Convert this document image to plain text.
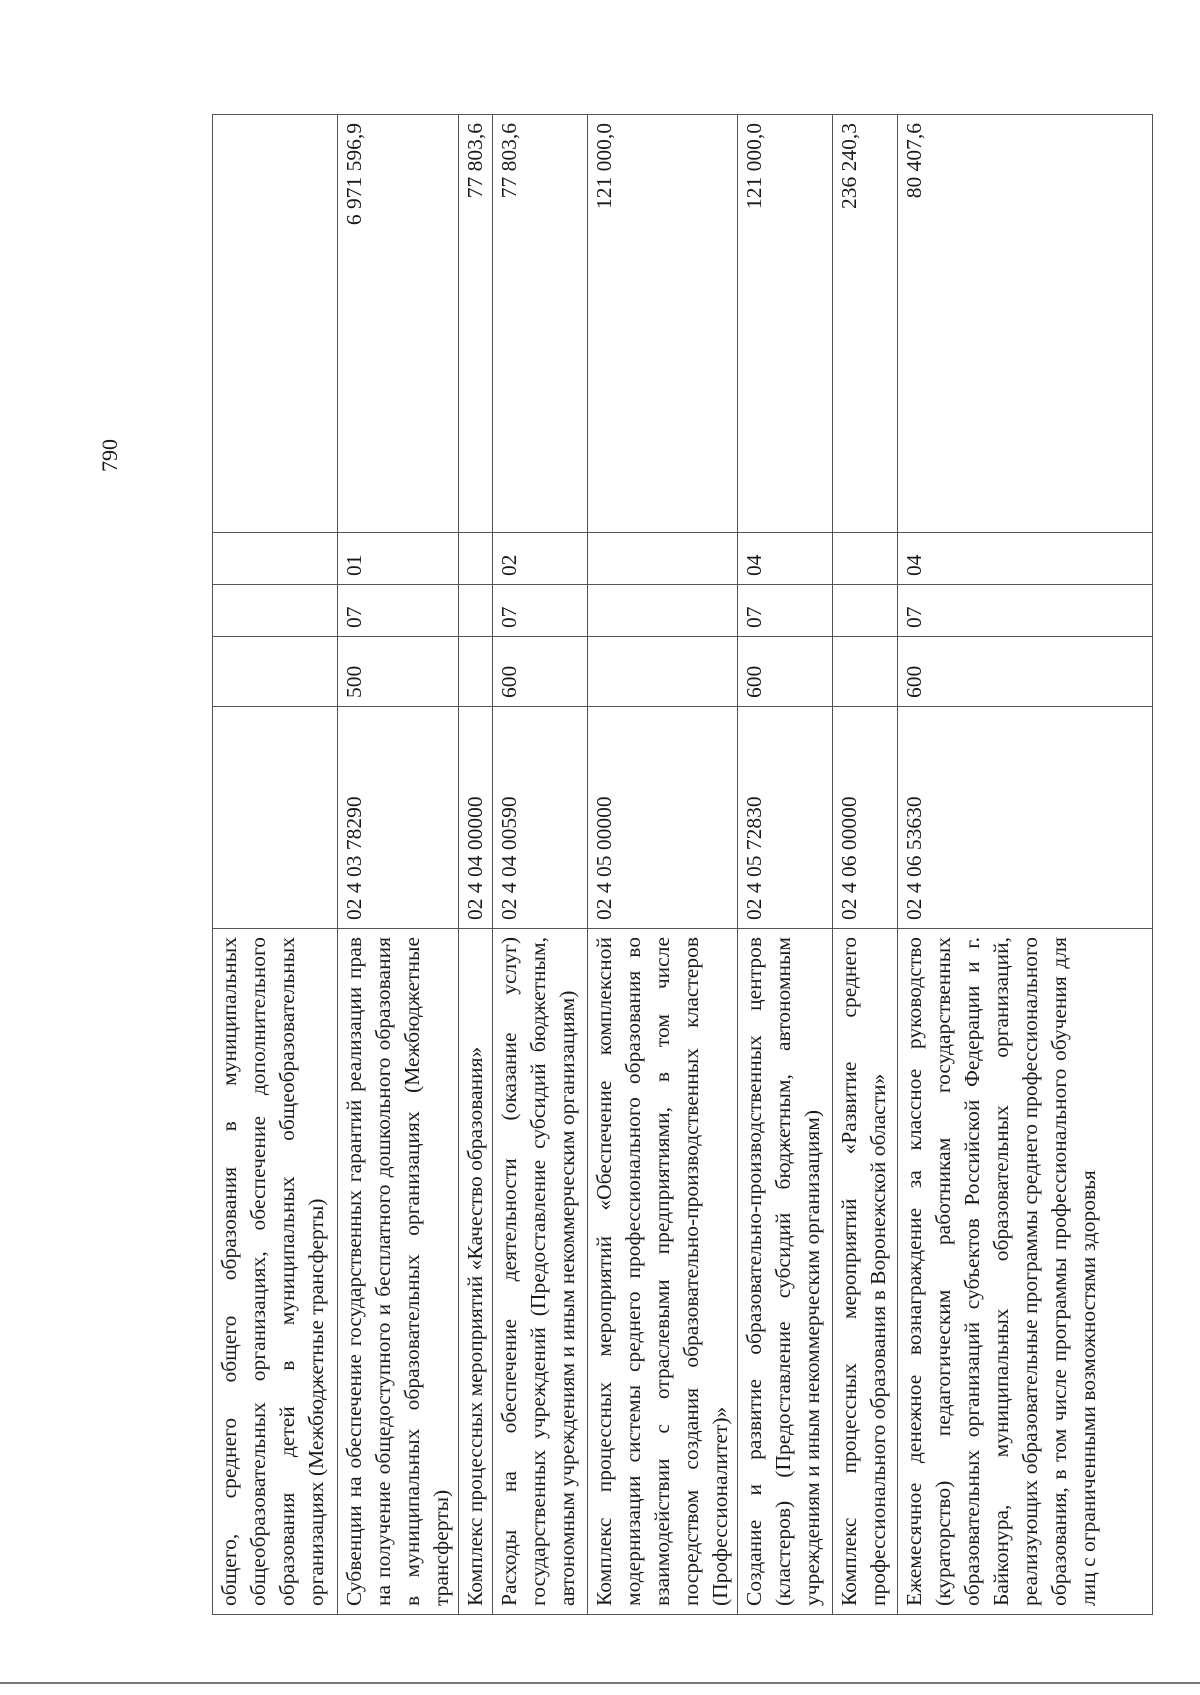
790
общего, среднего общего образования в муниципальных общеобразовательных организациях, обеспечение дополнительного образования детей в муниципальных общеобразовательных организациях (Межбюджетные трансферты)					
Субвенции на обеспечение государственных гарантий реализации прав на получение общедоступного и бесплатного дошкольного образования в муниципальных образовательных организациях (Межбюджетные трансферты)	02 4 03 78290	500	07	01	6 971 596,9
Комплекс процессных мероприятий «Качество образования»	02 4 04 00000				77 803,6
Расходы на обеспечение деятельности (оказание услуг) государственных учреждений (Предоставление субсидий бюджетным, автономным учреждениям и иным некоммерческим организациям)	02 4 04 00590	600	07	02	77 803,6
Комплекс процессных мероприятий «Обеспечение комплексной модернизации системы среднего профессионального образования во взаимодействии с отраслевыми предприятиями, в том числе посредством создания образовательно-производственных кластеров (Профессионалитет)»	02 4 05 00000				121 000,0
Создание и развитие образовательно-производственных центров (кластеров) (Предоставление субсидий бюджетным, автономным учреждениям и иным некоммерческим организациям)	02 4 05 72830	600	07	04	121 000,0
Комплекс процессных мероприятий «Развитие среднего профессионального образования в Воронежской области»	02 4 06 00000				236 240,3
Ежемесячное денежное вознаграждение за классное руководство (кураторство) педагогическим работникам государственных образовательных организаций субъектов Российской Федерации и г. Байконура, муниципальных образовательных организаций, реализующих образовательные программы среднего профессионального образования, в том числе программы профессионального обучения для лиц с ограниченными возможностями здоровья	02 4 06 53630	600	07	04	80 407,6
